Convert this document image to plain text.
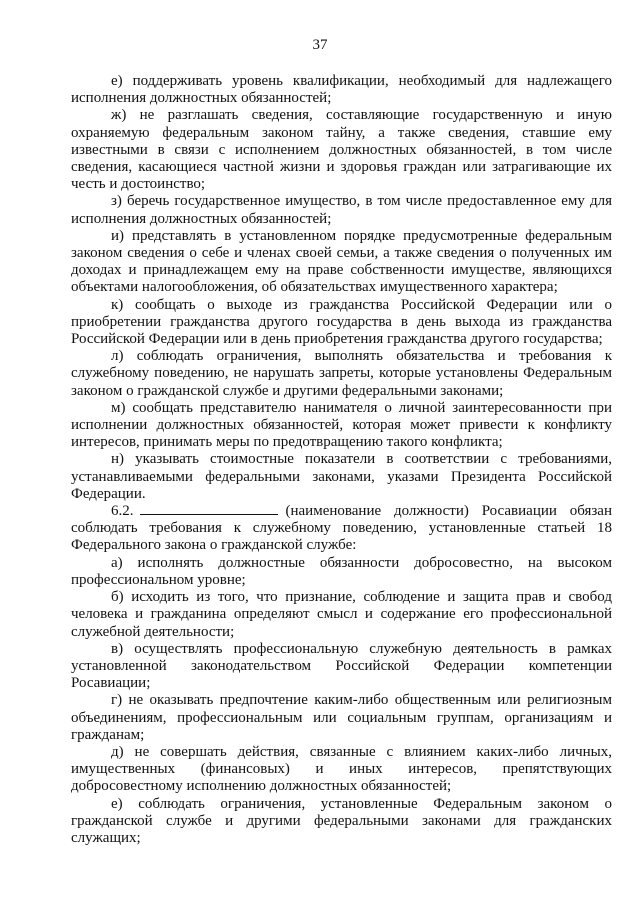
37

е) поддерживать уровень квалификации, необходимый для надлежащего исполнения должностных обязанностей;

ж) не разглашать сведения, составляющие государственную и иную охраняемую федеральным законом тайну, а также сведения, ставшие ему известными в связи с исполнением должностных обязанностей, в том числе сведения, касающиеся частной жизни и здоровья граждан или затрагивающие их честь и достоинство;

з) беречь государственное имущество, в том числе предоставленное ему для исполнения должностных обязанностей;

и) представлять в установленном порядке предусмотренные федеральным законом сведения о себе и членах своей семьи, а также сведения о полученных им доходах и принадлежащем ему на праве собственности имуществе, являющихся объектами налогообложения, об обязательствах имущественного характера;

к) сообщать о выходе из гражданства Российской Федерации или о приобретении гражданства другого государства в день выхода из гражданства Российской Федерации или в день приобретения гражданства другого государства;

л) соблюдать ограничения, выполнять обязательства и требования к служебному поведению, не нарушать запреты, которые установлены Федеральным законом о гражданской службе и другими федеральными законами;

м) сообщать представителю нанимателя о личной заинтересованности при исполнении должностных обязанностей, которая может привести к конфликту интересов, принимать меры по предотвращению такого конфликта;

н) указывать стоимостные показатели в соответствии с требованиями, устанавливаемыми федеральными законами, указами Президента Российской Федерации.

6.2.	(наименование должности) Росавиации обязан соблюдать требования к служебному поведению, установленные статьей 18 Федерального закона о гражданской службе:

а) исполнять должностные обязанности добросовестно, на высоком профессиональном уровне;

б) исходить из того, что признание, соблюдение и защита прав и свобод человека и гражданина определяют смысл и содержание его профессиональной служебной деятельности;

в) осуществлять профессиональную служебную деятельность в рамках установленной законодательством Российской Федерации компетенции Росавиации;

г) не оказывать предпочтение каким-либо общественным или религиозным объединениям, профессиональным или социальным группам, организациям и гражданам;

д) не совершать действия, связанные с влиянием каких-либо личных, имущественных (финансовых) и иных интересов, препятствующих добросовестному исполнению должностных обязанностей;

е) соблюдать ограничения, установленные Федеральным законом о гражданской службе и другими федеральными законами для гражданских служащих;
